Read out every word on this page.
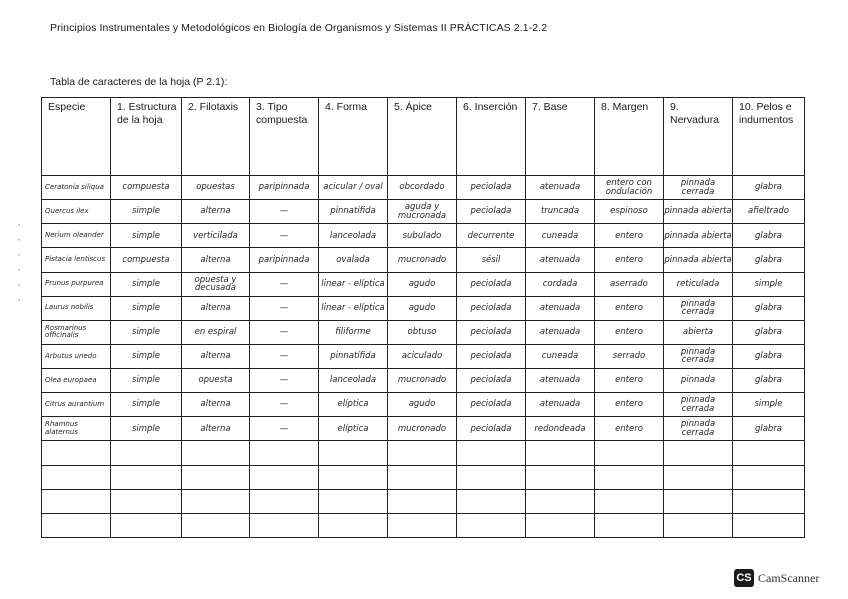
Principios Instrumentales y Metodológicos en Biología de Organismos y Sistemas II PRÁCTICAS 2.1-2.2
Tabla de caracteres de la hoja (P 2.1):
˳
˳
˳
˳
˳
˳
Especie	1. Estructura de la hoja	2. Filotaxis	3. Tipo compuesta	4. Forma	5. Ápice	6. Inserción	7. Base	8. Margen	9. Nervadura	10. Pelos e indumentos
Ceratonia siliqua	compuesta	opuestas	paripinnada	acicular / oval	obcordado	peciolada	atenuada	entero con ondulación	pinnada cerrada	glabra
Quercus ilex	simple	alterna	—	pinnatífida	aguda y mucronada	peciolada	truncada	espinoso	pinnada abierta	afieltrado
Nerium oleander	simple	verticilada	—	lanceolada	subulado	decurrente	cuneada	entero	pinnada abierta	glabra
Pistacia lentiscus	compuesta	alterna	paripinnada	ovalada	mucronado	sésil	atenuada	entero	pinnada abierta	glabra
Prunus purpurea	simple	opuesta y decusada	—	linear - elíptica	agudo	peciolada	cordada	aserrado	reticulada	simple
Laurus nobilis	simple	alterna	—	linear - elíptica	agudo	peciolada	atenuada	entero	pinnada cerrada	glabra
Rosmarinus officinalis	simple	en espiral	—	filiforme	obtuso	peciolada	atenuada	entero	abierta	glabra
Arbutus unedo	simple	alterna	—	pinnatífida	aciculado	peciolada	cuneada	serrado	pinnada cerrada	glabra
Olea europaea	simple	opuesta	—	lanceolada	mucronado	peciolada	atenuada	entero	pinnada	glabra
Citrus aurantium	simple	alterna	—	elíptica	agudo	peciolada	atenuada	entero	pinnada cerrada	simple
Rhamnus alaternus	simple	alterna	—	elíptica	mucronado	peciolada	redondeada	entero	pinnada cerrada	glabra

CS CamScanner
